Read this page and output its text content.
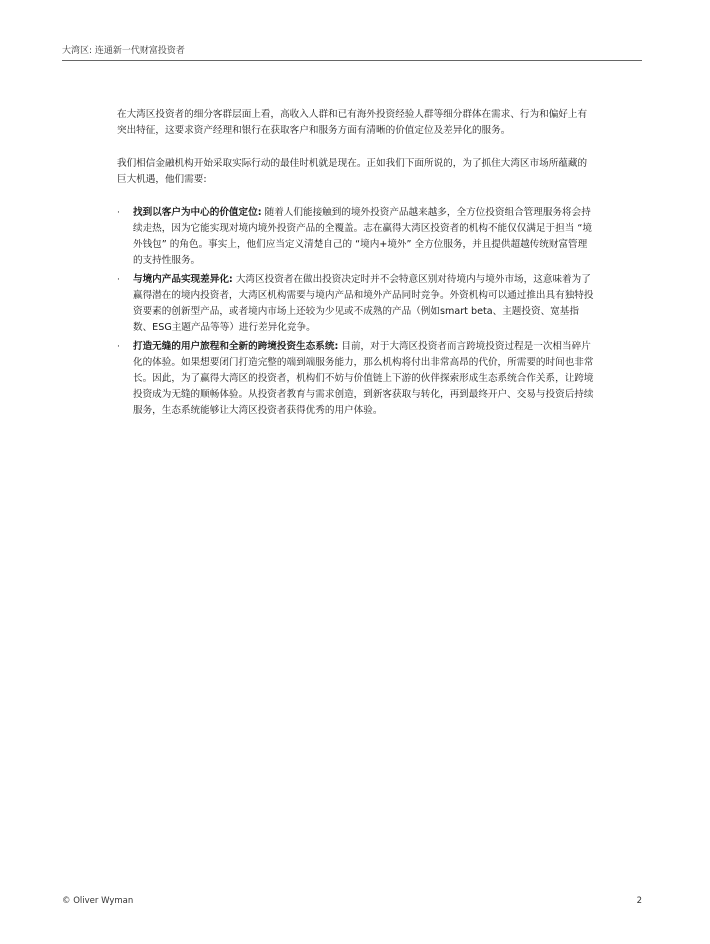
大湾区: 连通新一代财富投资者

在大湾区投资者的细分客群层面上看，高收入人群和已有海外投资经验人群等细分群体在需求、行为和偏好上有突出特征，这要求资产经理和银行在获取客户和服务方面有清晰的价值定位及差异化的服务。

我们相信金融机构开始采取实际行动的最佳时机就是现在。正如我们下面所说的，为了抓住大湾区市场所蕴藏的巨大机遇，他们需要:

· 找到以客户为中心的价值定位: 随着人们能接触到的境外投资产品越来越多，全方位投资组合管理服务将会持续走热，因为它能实现对境内境外投资产品的全覆盖。志在赢得大湾区投资者的机构不能仅仅满足于担当 “境外钱包” 的角色。事实上，他们应当定义清楚自己的 “境内+境外” 全方位服务，并且提供超越传统财富管理的支持性服务。
· 与境内产品实现差异化: 大湾区投资者在做出投资决定时并不会特意区别对待境内与境外市场，这意味着为了赢得潜在的境内投资者，大湾区机构需要与境内产品和境外产品同时竞争。外资机构可以通过推出具有独特投资要素的创新型产品，或者境内市场上还较为少见或不成熟的产品（例如smart beta、主题投资、宽基指数、ESG主题产品等等）进行差异化竞争。
· 打造无缝的用户旅程和全新的跨境投资生态系统: 目前，对于大湾区投资者而言跨境投资过程是一次相当碎片化的体验。如果想要闭门打造完整的端到端服务能力，那么机构将付出非常高昂的代价，所需要的时间也非常长。因此，为了赢得大湾区的投资者，机构们不妨与价值链上下游的伙伴探索形成生态系统合作关系，让跨境投资成为无缝的顺畅体验。从投资者教育与需求创造，到新客获取与转化，再到最终开户、交易与投资后持续服务，生态系统能够让大湾区投资者获得优秀的用户体验。
© Oliver Wyman	2
